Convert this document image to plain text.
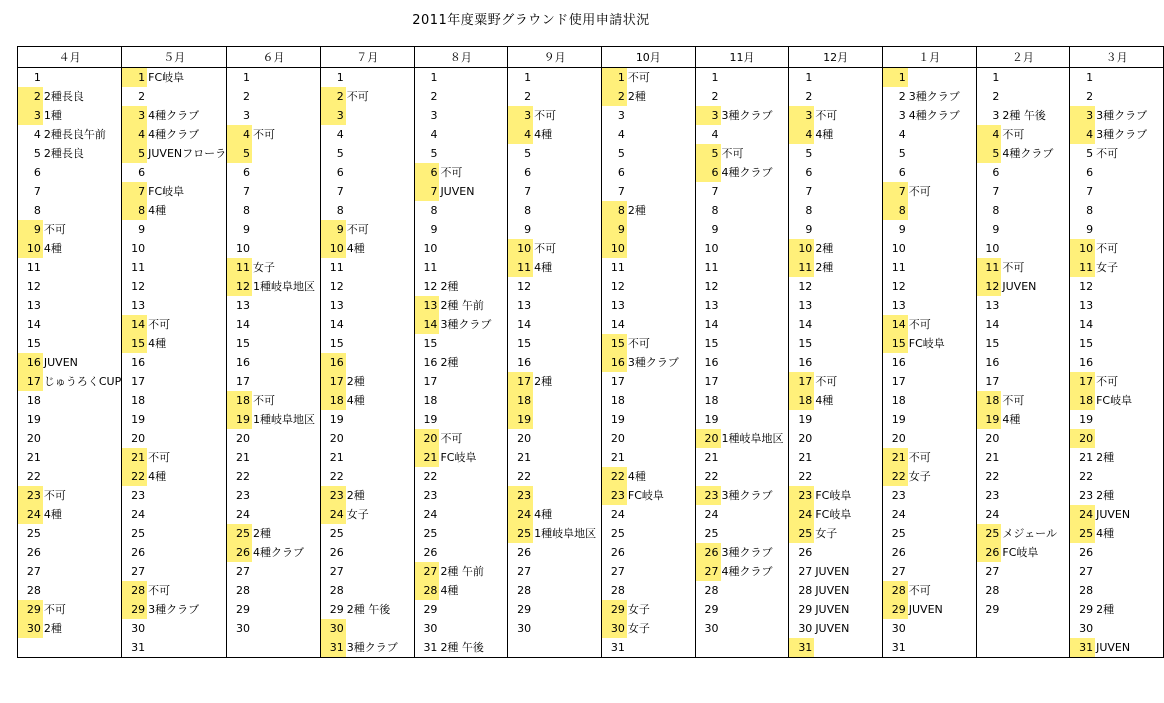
2011年度粟野グラウンド使用申請状況
４月		５月		６月		７月		８月		９月		10月		11月		12月		１月		２月		３月	
1		1	FC岐阜	1		1		1		1		1	不可	1		1		1		1		1	
2	2種長良	2		2		2	不可	2		2		2	2種	2		2		2	3種クラブ	2		2	
3	1種	3	4種クラブ	3		3		3		3	不可	3		3	3種クラブ	3	不可	3	4種クラブ	3	2種 午後	3	3種クラブ
4	2種長良午前	4	4種クラブ	4	不可	4		4		4	4種	4		4		4	4種	4		4	不可	4	3種クラブ
5	2種長良	5	JUVENフローラ	5		5		5		5		5		5	不可	5		5		5	4種クラブ	5	不可
6		6		6		6		6	不可	6		6		6	4種クラブ	6		6		6		6	
7		7	FC岐阜	7		7		7	JUVEN	7		7		7		7		7	不可	7		7	
8		8	4種	8		8		8		8		8	2種	8		8		8		8		8	
9	不可	9		9		9	不可	9		9		9		9		9		9		9		9	
10	4種	10		10		10	4種	10		10	不可	10		10		10	2種	10		10		10	不可
11		11		11	女子	11		11		11	4種	11		11		11	2種	11		11	不可	11	女子
12		12		12	1種岐阜地区	12		12	2種	12		12		12		12		12		12	JUVEN	12	
13		13		13		13		13	2種 午前	13		13		13		13		13		13		13	
14		14	不可	14		14		14	3種クラブ	14		14		14		14		14	不可	14		14	
15		15	4種	15		15		15		15		15	不可	15		15		15	FC岐阜	15		15	
16	JUVEN	16		16		16		16	2種	16		16	3種クラブ	16		16		16		16		16	
17	じゅうろくCUP	17		17		17	2種	17		17	2種	17		17		17	不可	17		17		17	不可
18		18		18	不可	18	4種	18		18		18		18		18	4種	18		18	不可	18	FC岐阜
19		19		19	1種岐阜地区	19		19		19		19		19		19		19		19	4種	19	
20		20		20		20		20	不可	20		20		20	1種岐阜地区	20		20		20		20	
21		21	不可	21		21		21	FC岐阜	21		21		21		21		21	不可	21		21	2種
22		22	4種	22		22		22		22		22	4種	22		22		22	女子	22		22	
23	不可	23		23		23	2種	23		23		23	FC岐阜	23	3種クラブ	23	FC岐阜	23		23		23	2種
24	4種	24		24		24	女子	24		24	4種	24		24		24	FC岐阜	24		24		24	JUVEN
25		25		25	2種	25		25		25	1種岐阜地区	25		25		25	女子	25		25	メジェール	25	4種
26		26		26	4種クラブ	26		26		26		26		26	3種クラブ	26		26		26	FC岐阜	26	
27		27		27		27		27	2種 午前	27		27		27	4種クラブ	27	JUVEN	27		27		27	
28		28	不可	28		28		28	4種	28		28		28		28	JUVEN	28	不可	28		28	
29	不可	29	3種クラブ	29		29	2種 午後	29		29		29	女子	29		29	JUVEN	29	JUVEN	29		29	2種
30	2種	30		30		30		30		30		30	女子	30		30	JUVEN	30				30	
		31				31	3種クラブ	31	2種 午後			31				31		31				31	JUVEN
